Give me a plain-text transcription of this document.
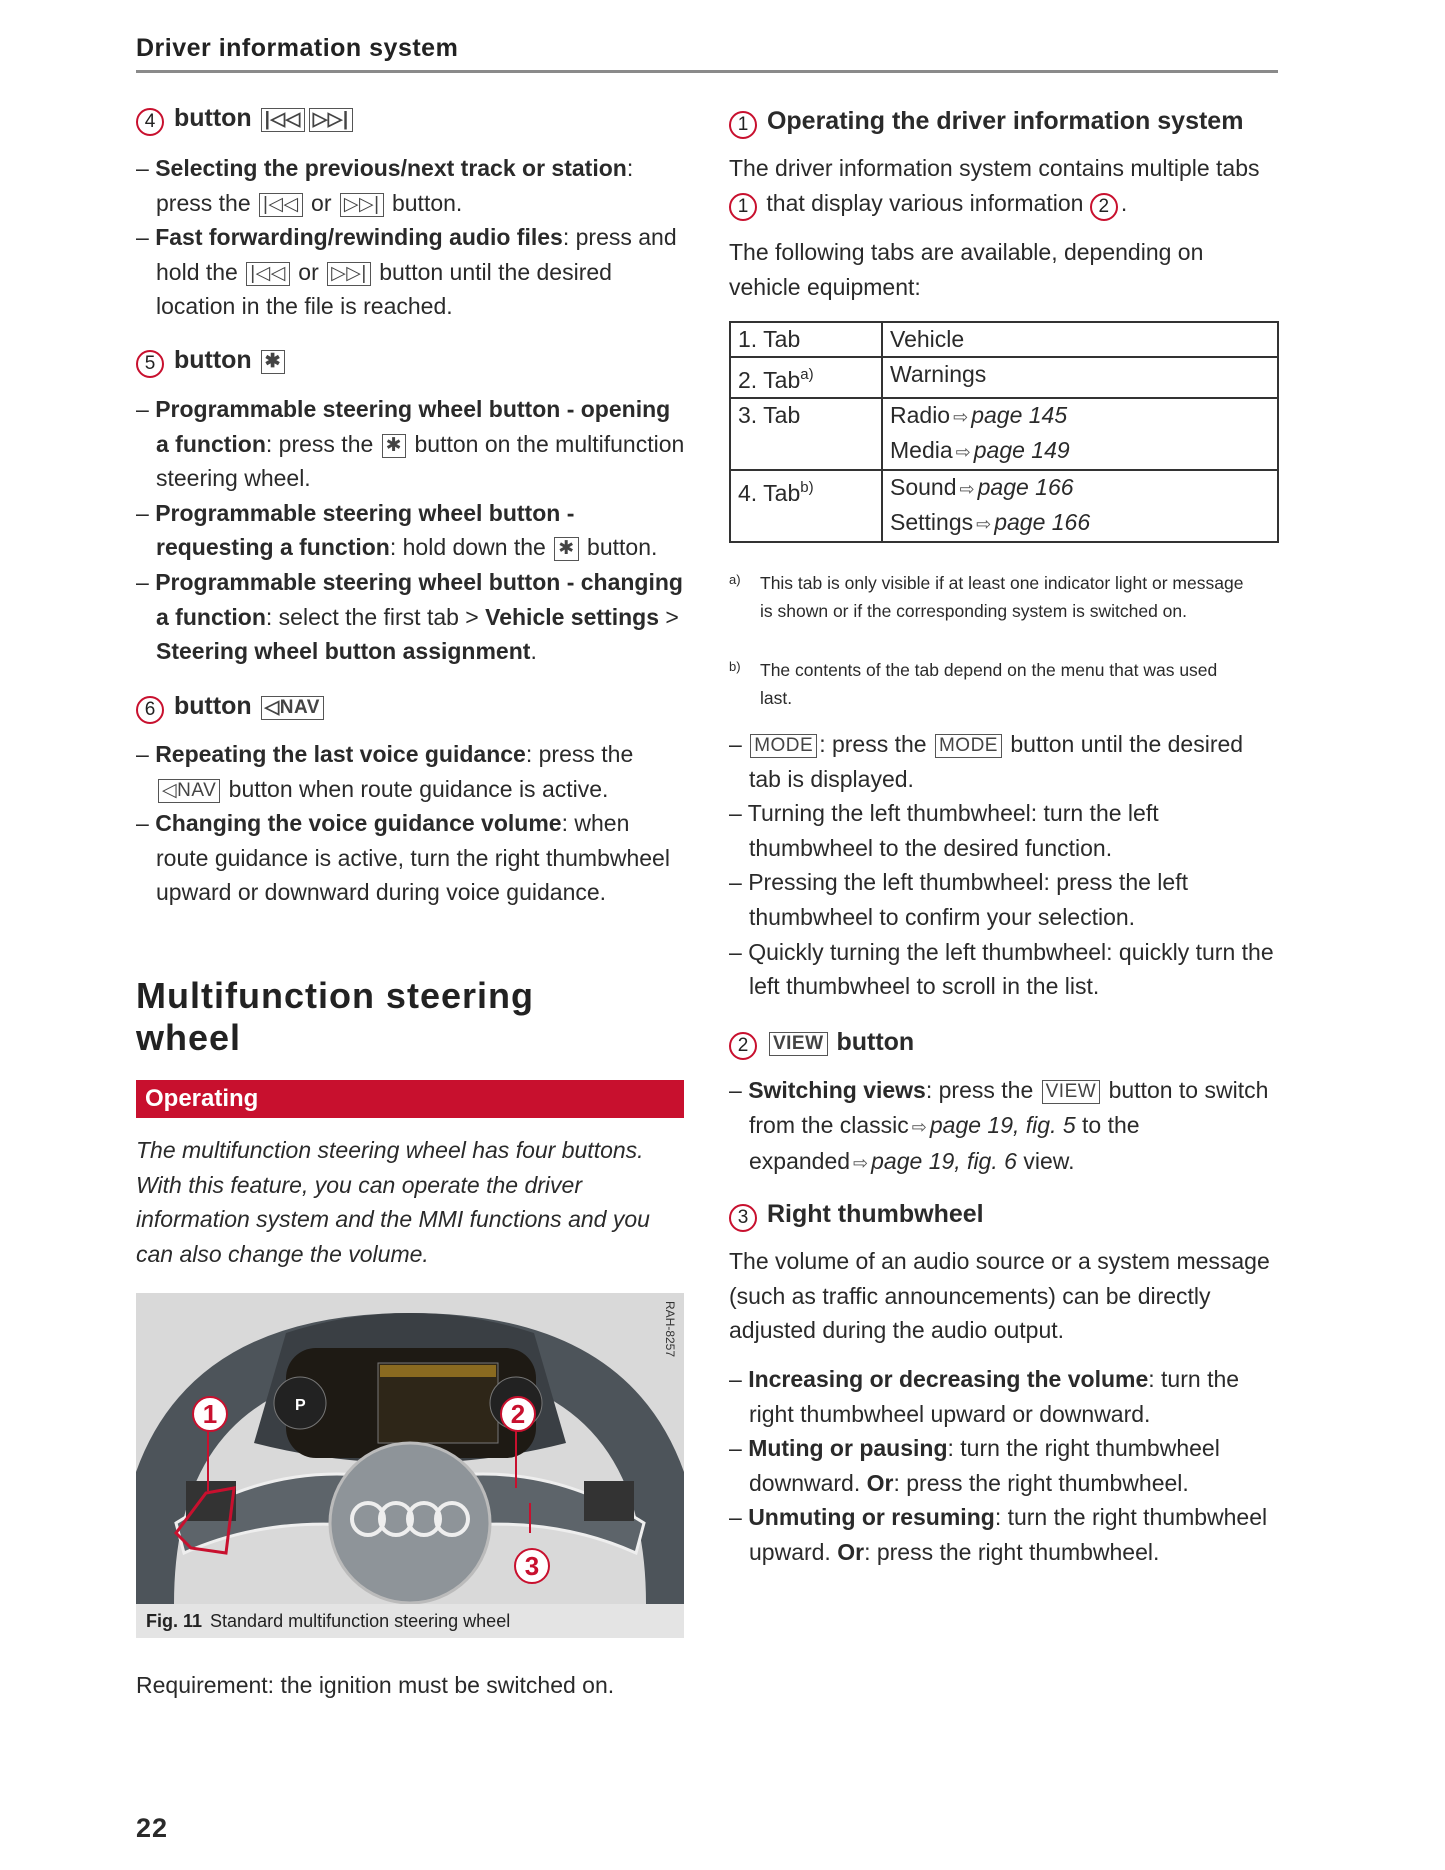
Driver information system
4 button |◁◁ ▷▷|
– Selecting the previous/next track or station: press the |◁◁ or ▷▷| button.
– Fast forwarding/rewinding audio files: press and hold the |◁◁ or ▷▷| button until the desired location in the file is reached.
5 button ✱
– Programmable steering wheel button - opening a function: press the ✱ button on the multifunction steering wheel.
– Programmable steering wheel button - requesting a function: hold down the ✱ button.
– Programmable steering wheel button - changing a function: select the first tab > Vehicle settings > Steering wheel button assignment.
6 button ◁NAV
– Repeating the last voice guidance: press the ◁NAV button when route guidance is active.
– Changing the voice guidance volume: when route guidance is active, turn the right thumbwheel upward or downward during voice guidance.
Multifunction steering wheel
Operating
The multifunction steering wheel has four buttons. With this feature, you can operate the driver information system and the MMI functions and you can also change the volume.
P
RAH-8257
1	2
3
Fig. 11 Standard multifunction steering wheel
Requirement: the ignition must be switched on.
1 Operating the driver information system
The driver information system contains multiple tabs 1 that display various information 2 .
The following tabs are available, depending on vehicle equipment:
1. Tab	Vehicle

2. Tab$^{a)}$	Warnings

3. Tab	Radio ⇨ page 145
Media ⇨ page 149

4. Tab$^{b)}$	Sound ⇨ page 166
Settings ⇨ page 166
a) This tab is only visible if at least one indicator light or message is shown or if the corresponding system is switched on.
b) The contents of the tab depend on the menu that was used last.
– MODE : press the MODE button until the desired tab is displayed.
– Turning the left thumbwheel: turn the left thumbwheel to the desired function.
– Pressing the left thumbwheel: press the left thumbwheel to confirm your selection.
– Quickly turning the left thumbwheel: quickly turn the left thumbwheel to scroll in the list.
2 VIEW button
– Switching views: press the VIEW button to switch from the classic ⇨ page 19, fig. 5 to the expanded ⇨ page 19, fig. 6 view.
3 Right thumbwheel
The volume of an audio source or a system message (such as traffic announcements) can be directly adjusted during the audio output.
– Increasing or decreasing the volume: turn the right thumbwheel upward or downward.
– Muting or pausing: turn the right thumbwheel downward. Or: press the right thumbwheel.
– Unmuting or resuming: turn the right thumbwheel upward. Or: press the right thumbwheel.
22
